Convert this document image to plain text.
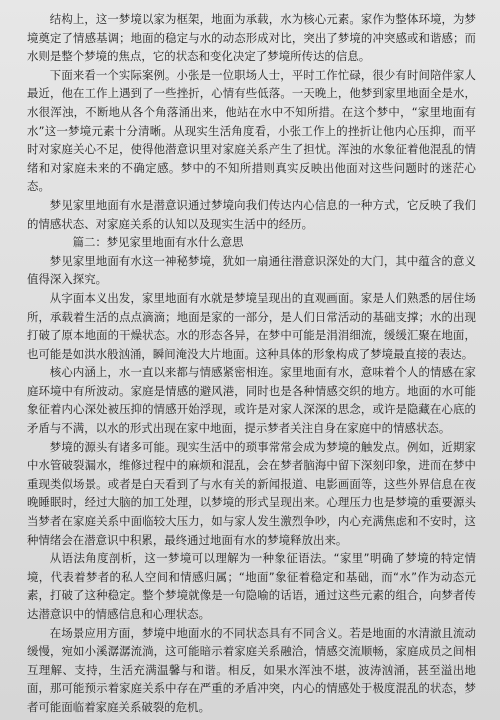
结构上，这一梦境以家为框架，地面为承载，水为核心元素。家作为整体环境，为梦境奠定了情感基调；地面的稳定与水的动态形成对比，突出了梦境的冲突感或和谐感；而水则是整个梦境的焦点，它的状态和变化决定了梦境所传达的信息。

下面来看一个实际案例。小张是一位职场人士，平时工作忙碌，很少有时间陪伴家人最近，他在工作上遇到了一些挫折，心情有些低落。一天晚上，他梦到家里地面全是水，水很浑浊，不断地从各个角落涌出来，他站在水中不知所措。在这个梦中，“家里地面有水”这一梦境元素十分清晰。从现实生活角度看，小张工作上的挫折让他内心压抑，而平时对家庭关心不足，使得他潜意识里对家庭关系产生了担忧。浑浊的水象征着他混乱的情绪和对家庭未来的不确定感。梦中的不知所措则真实反映出他面对这些问题时的迷茫心态。

梦见家里地面有水是潜意识通过梦境向我们传达内心信息的一种方式，它反映了我们的情感状态、对家庭关系的认知以及现实生活中的经历。

篇二：梦见家里地面有水什么意思

梦见家里地面有水这一神秘梦境，犹如一扇通往潜意识深处的大门，其中蕴含的意义值得深入探究。

从字面本义出发，家里地面有水就是梦境呈现出的直观画面。家是人们熟悉的居住场所，承载着生活的点点滴滴；地面是家的一部分，是人们日常活动的基础支撑；水的出现打破了原本地面的干燥状态。水的形态各异，在梦中可能是涓涓细流，缓缓汇聚在地面，也可能是如洪水般汹涌，瞬间淹没大片地面。这种具体的形象构成了梦境最直接的表达。

核心内涵上，水一直以来都与情感紧密相连。家里地面有水，意味着个人的情感在家庭环境中有所波动。家庭是情感的避风港，同时也是各种情感交织的地方。地面的水可能象征着内心深处被压抑的情感开始浮现，或许是对家人深深的思念，或许是隐藏在心底的矛盾与不满，以水的形式出现在家中地面，提示梦者关注自身在家庭中的情感状态。

梦境的源头有诸多可能。现实生活中的琐事常常会成为梦境的触发点。例如，近期家中水管破裂漏水，维修过程中的麻烦和混乱，会在梦者脑海中留下深刻印象，进而在梦中重现类似场景。或者是白天看到了与水有关的新闻报道、电影画面等，这些外界信息在夜晚睡眠时，经过大脑的加工处理，以梦境的形式呈现出来。心理压力也是梦境的重要源头当梦者在家庭关系中面临较大压力，如与家人发生激烈争吵，内心充满焦虑和不安时，这种情绪会在潜意识中积累，最终通过地面有水的梦境释放出来。

从语法角度剖析，这一梦境可以理解为一种象征语法。“家里”明确了梦境的特定情境，代表着梦者的私人空间和情感归属；“地面”象征着稳定和基础，而“水”作为动态元素，打破了这种稳定。整个梦境就像是一句隐喻的话语，通过这些元素的组合，向梦者传达潜意识中的情感信息和心理状态。

在场景应用方面，梦境中地面水的不同状态具有不同含义。若是地面的水清澈且流动缓慢，宛如小溪潺潺流淌，这可能暗示着家庭关系融洽，情感交流顺畅，家庭成员之间相互理解、支持，生活充满温馨与和谐。相反，如果水浑浊不堪，波涛汹涌，甚至溢出地面，那可能预示着家庭关系中存在严重的矛盾冲突，内心的情感处于极度混乱的状态，梦者可能面临着家庭关系破裂的危机。
